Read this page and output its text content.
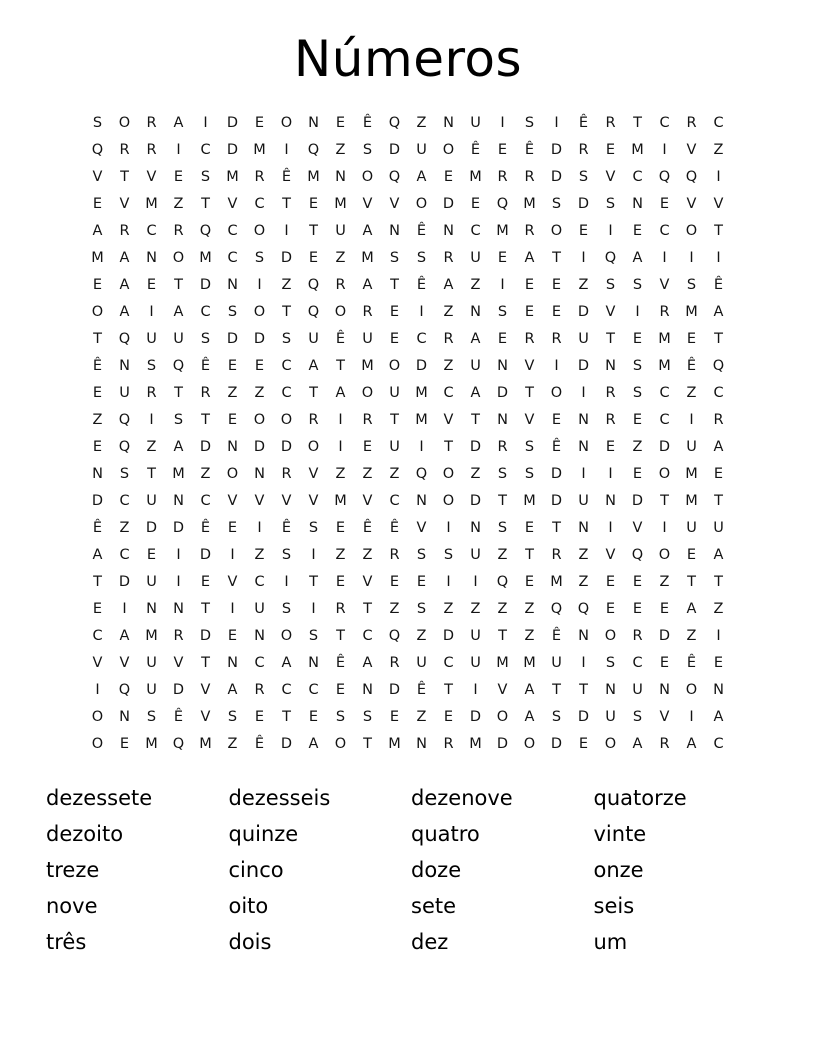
Números
S	O	R	A	I	D	E	O	N	E	Ê	Q	Z	N	U	I	S	I	Ê	R	T	C	R	C
Q	R	R	I	C	D	M	I	Q	Z	S	D	U	O	Ê	E	Ê	D	R	E	M	I	V	Z
V	T	V	E	S	M	R	Ê	M	N	O	Q	A	E	M	R	R	D	S	V	C	Q	Q	I
E	V	M	Z	T	V	C	T	E	M	V	V	O	D	E	Q	M	S	D	S	N	E	V	V
A	R	C	R	Q	C	O	I	T	U	A	N	Ê	N	C	M	R	O	E	I	E	C	O	T
M	A	N	O	M	C	S	D	E	Z	M	S	S	R	U	E	A	T	I	Q	A	I	I	I
E	A	E	T	D	N	I	Z	Q	R	A	T	Ê	A	Z	I	E	E	Z	S	S	V	S	Ê
O	A	I	A	C	S	O	T	Q	O	R	E	I	Z	N	S	E	E	D	V	I	R	M	A
T	Q	U	U	S	D	D	S	U	Ê	U	E	C	R	A	E	R	R	U	T	E	M	E	T
Ê	N	S	Q	Ê	E	E	C	A	T	M	O	D	Z	U	N	V	I	D	N	S	M	Ê	Q
E	U	R	T	R	Z	Z	C	T	A	O	U	M	C	A	D	T	O	I	R	S	C	Z	C
Z	Q	I	S	T	E	O	O	R	I	R	T	M	V	T	N	V	E	N	R	E	C	I	R
E	Q	Z	A	D	N	D	D	O	I	E	U	I	T	D	R	S	Ê	N	E	Z	D	U	A
N	S	T	M	Z	O	N	R	V	Z	Z	Z	Q	O	Z	S	S	D	I	I	E	O	M	E
D	C	U	N	C	V	V	V	V	M	V	C	N	O	D	T	M	D	U	N	D	T	M	T
Ê	Z	D	D	Ê	E	I	Ê	S	E	Ê	Ê	V	I	N	S	E	T	N	I	V	I	U	U
A	C	E	I	D	I	Z	S	I	Z	Z	R	S	S	U	Z	T	R	Z	V	Q	O	E	A
T	D	U	I	E	V	C	I	T	E	V	E	E	I	I	Q	E	M	Z	E	E	Z	T	T
E	I	N	N	T	I	U	S	I	R	T	Z	S	Z	Z	Z	Z	Q	Q	E	E	E	A	Z
C	A	M	R	D	E	N	O	S	T	C	Q	Z	D	U	T	Z	Ê	N	O	R	D	Z	I
V	V	U	V	T	N	C	A	N	Ê	A	R	U	C	U	M	M	U	I	S	C	E	Ê	E
I	Q	U	D	V	A	R	C	C	E	N	D	Ê	T	I	V	A	T	T	N	U	N	O	N
O	N	S	Ê	V	S	E	T	E	S	S	E	Z	E	D	O	A	S	D	U	S	V	I	A
O	E	M	Q	M	Z	Ê	D	A	O	T	M	N	R	M	D	O	D	E	O	A	R	A	C
dezessete	dezesseis	dezenove	quatorze
dezoito	quinze	quatro	vinte
treze	cinco	doze	onze
nove	oito	sete	seis
três	dois	dez	um
